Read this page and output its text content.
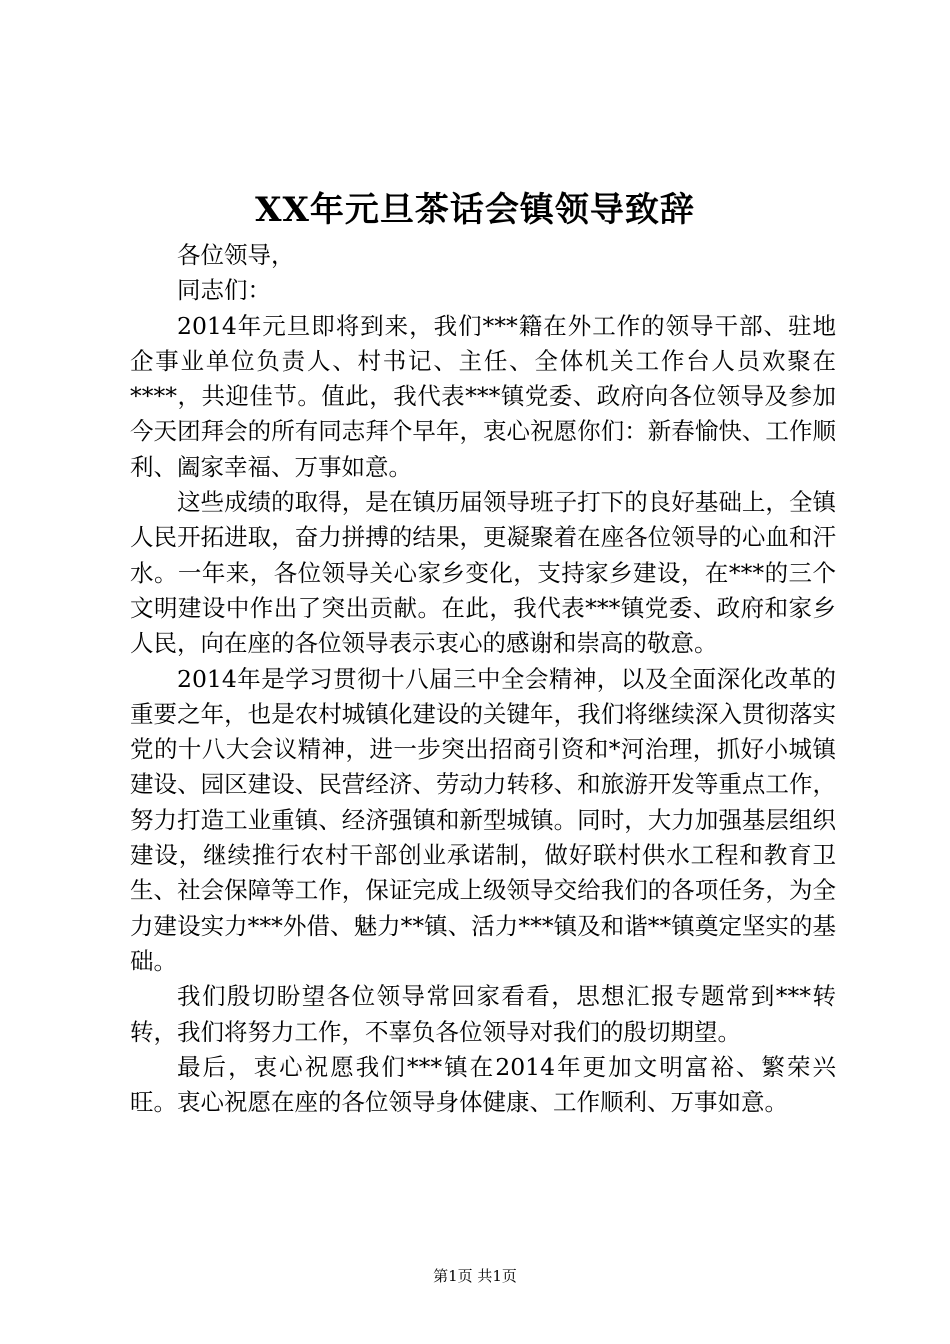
XX年元旦茶话会镇领导致辞

各位领导，

同志们：

2014年元旦即将到来，我们***籍在外工作的领导干部、驻地企事业单位负责人、村书记、主任、全体机关工作台人员欢聚在****，共迎佳节。值此，我代表***镇党委、政府向各位领导及参加今天团拜会的所有同志拜个早年，衷心祝愿你们：新春愉快、工作顺利、阖家幸福、万事如意。

这些成绩的取得，是在镇历届领导班子打下的良好基础上，全镇人民开拓进取，奋力拼搏的结果，更凝聚着在座各位领导的心血和汗水。一年来，各位领导关心家乡变化，支持家乡建设，在***的三个文明建设中作出了突出贡献。在此，我代表***镇党委、政府和家乡人民，向在座的各位领导表示衷心的感谢和崇高的敬意。

2014年是学习贯彻十八届三中全会精神，以及全面深化改革的重要之年，也是农村城镇化建设的关键年，我们将继续深入贯彻落实党的十八大会议精神，进一步突出招商引资和*河治理，抓好小城镇建设、园区建设、民营经济、劳动力转移、和旅游开发等重点工作，努力打造工业重镇、经济强镇和新型城镇。同时，大力加强基层组织建设，继续推行农村干部创业承诺制，做好联村供水工程和教育卫生、社会保障等工作，保证完成上级领导交给我们的各项任务，为全力建设实力***外借、魅力**镇、活力***镇及和谐**镇奠定坚实的基础。

我们殷切盼望各位领导常回家看看，思想汇报专题常到***转转，我们将努力工作，不辜负各位领导对我们的殷切期望。

最后，衷心祝愿我们***镇在2014年更加文明富裕、繁荣兴旺。衷心祝愿在座的各位领导身体健康、工作顺利、万事如意。

第1页 共1页
